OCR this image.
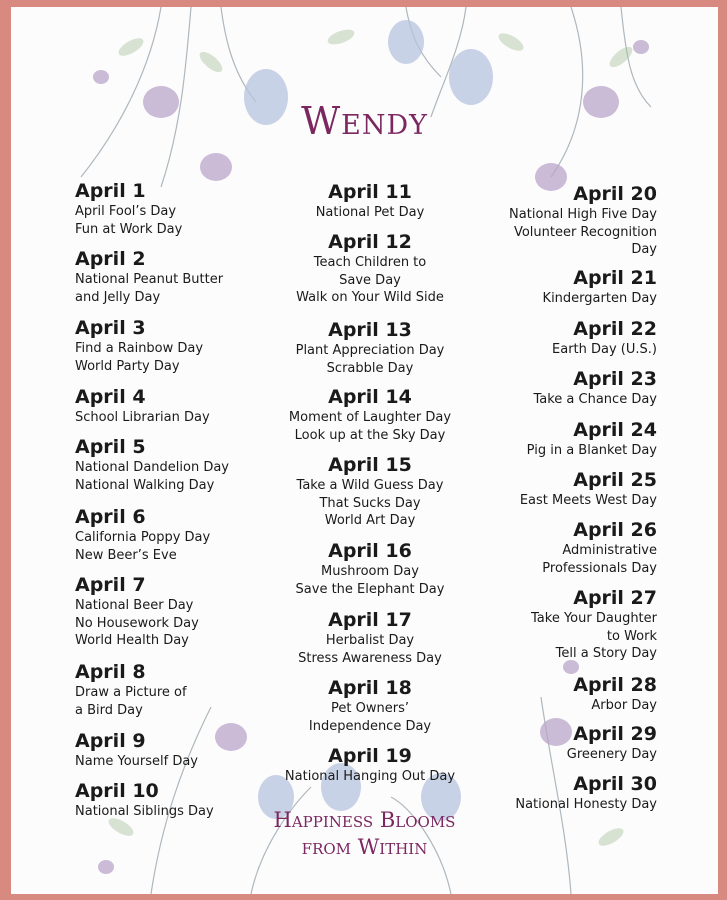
Wendy
April 1
April Fool’s Day
Fun at Work Day
April 2
National Peanut Butter
and Jelly Day
April 3
Find a Rainbow Day
World Party Day
April 4
School Librarian Day
April 5
National Dandelion Day
National Walking Day
April 6
California Poppy Day
New Beer’s Eve
April 7
National Beer Day
No Housework Day
World Health Day
April 8
Draw a Picture of
a Bird Day
April 9
Name Yourself Day
April 10
National Siblings Day
April 11
National Pet Day
April 12
Teach Children to
Save Day
Walk on Your Wild Side
April 13
Plant Appreciation Day
Scrabble Day
April 14
Moment of Laughter Day
Look up at the Sky Day
April 15
Take a Wild Guess Day
That Sucks Day
World Art Day
April 16
Mushroom Day
Save the Elephant Day
April 17
Herbalist Day
Stress Awareness Day
April 18
Pet Owners’
Independence Day
April 19
National Hanging Out Day
April 20
National High Five Day
Volunteer Recognition
Day
April 21
Kindergarten Day
April 22
Earth Day (U.S.)
April 23
Take a Chance Day
April 24
Pig in a Blanket Day
April 25
East Meets West Day
April 26
Administrative
Professionals Day
April 27
Take Your Daughter
to Work
Tell a Story Day
April 28
Arbor Day
April 29
Greenery Day
April 30
National Honesty Day
Happiness Blooms
from Within
